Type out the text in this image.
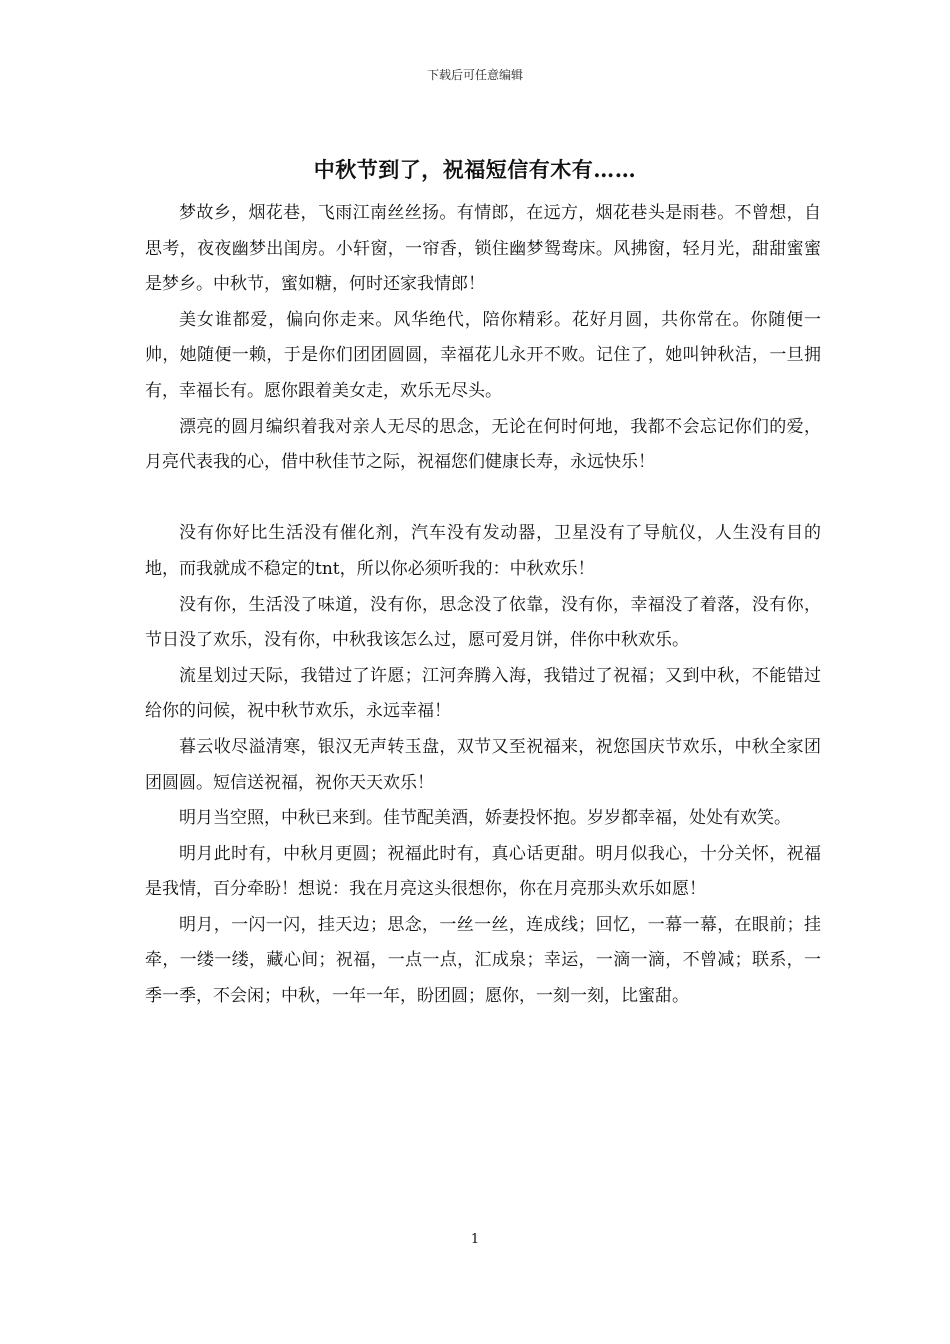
下载后可任意编辑
中秋节到了，祝福短信有木有……

梦故乡，烟花巷，飞雨江南丝丝扬。有情郎，在远方，烟花巷头是雨巷。不曾想，自思考，夜夜幽梦出闺房。小轩窗，一帘香，锁住幽梦鸳鸯床。风拂窗，轻月光，甜甜蜜蜜是梦乡。中秋节，蜜如糖，何时还家我情郎！

美女谁都爱，偏向你走来。风华绝代，陪你精彩。花好月圆，共你常在。你随便一帅，她随便一赖，于是你们团团圆圆，幸福花儿永开不败。记住了，她叫钟秋洁，一旦拥有，幸福长有。愿你跟着美女走，欢乐无尽头。

漂亮的圆月编织着我对亲人无尽的思念，无论在何时何地，我都不会忘记你们的爱，月亮代表我的心，借中秋佳节之际，祝福您们健康长寿，永远快乐！

没有你好比生活没有催化剂，汽车没有发动器，卫星没有了导航仪，人生没有目的地，而我就成不稳定的tnt，所以你必须听我的：中秋欢乐！

没有你，生活没了味道，没有你，思念没了依靠，没有你，幸福没了着落，没有你，节日没了欢乐，没有你，中秋我该怎么过，愿可爱月饼，伴你中秋欢乐。

流星划过天际，我错过了许愿；江河奔腾入海，我错过了祝福；又到中秋，不能错过给你的问候，祝中秋节欢乐，永远幸福！

暮云收尽溢清寒，银汉无声转玉盘，双节又至祝福来，祝您国庆节欢乐，中秋全家团团圆圆。短信送祝福，祝你天天欢乐！

明月当空照，中秋已来到。佳节配美酒，娇妻投怀抱。岁岁都幸福，处处有欢笑。

明月此时有，中秋月更圆；祝福此时有，真心话更甜。明月似我心，十分关怀，祝福是我情，百分牵盼！想说：我在月亮这头很想你，你在月亮那头欢乐如愿！

明月，一闪一闪，挂天边；思念，一丝一丝，连成线；回忆，一幕一幕，在眼前；挂牵，一缕一缕，藏心间；祝福，一点一点，汇成泉；幸运，一滴一滴，不曾减；联系，一季一季，不会闲；中秋，一年一年，盼团圆；愿你，一刻一刻，比蜜甜。

1
